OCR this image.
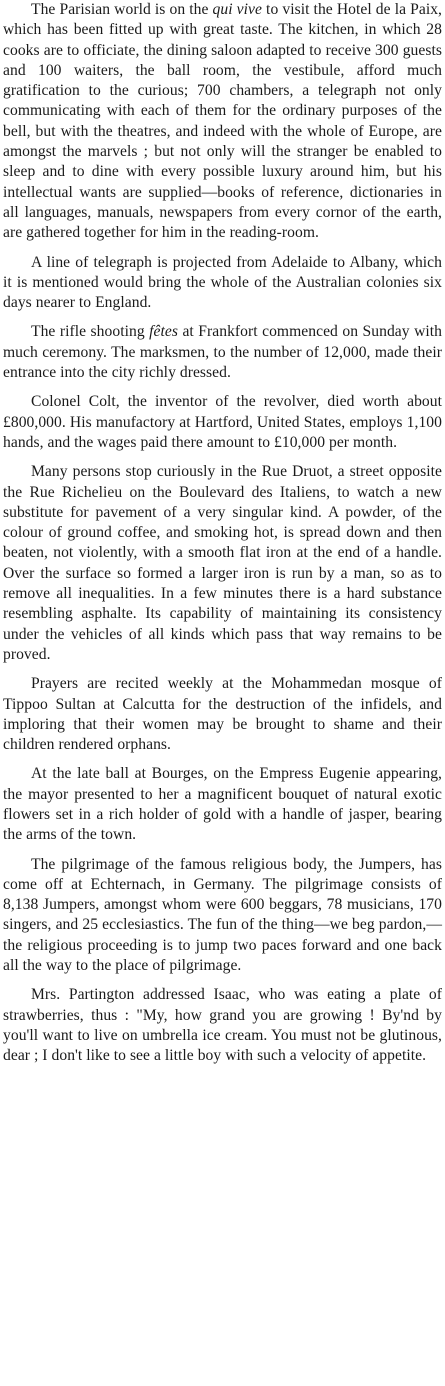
The Parisian world is on the qui vive to visit the Hotel de la Paix, which has been fitted up with great taste. The kitchen, in which 28 cooks are to officiate, the dining saloon adapted to receive 300 guests and 100 waiters, the ball room, the vestibule, afford much gratification to the curious; 700 chambers, a telegraph not only communicating with each of them for the ordinary purposes of the bell, but with the theatres, and indeed with the whole of Europe, are amongst the marvels ; but not only will the stranger be enabled to sleep and to dine with every possible luxury around him, but his intellectual wants are supplied—books of reference, dictionaries in all languages, manuals, newspapers from every cornor of the earth, are gathered together for him in the reading-room.

A line of telegraph is projected from Adelaide to Albany, which it is mentioned would bring the whole of the Australian colonies six days nearer to England.

The rifle shooting fêtes at Frankfort commenced on Sunday with much ceremony. The marksmen, to the number of 12,000, made their entrance into the city richly dressed.

Colonel Colt, the inventor of the revolver, died worth about £800,000. His manufactory at Hartford, United States, employs 1,100 hands, and the wages paid there amount to £10,000 per month.

Many persons stop curiously in the Rue Druot, a street opposite the Rue Richelieu on the Boulevard des Italiens, to watch a new substitute for pavement of a very singular kind. A powder, of the colour of ground coffee, and smoking hot, is spread down and then beaten, not violently, with a smooth flat iron at the end of a handle. Over the surface so formed a larger iron is run by a man, so as to remove all inequalities. In a few minutes there is a hard substance resembling asphalte. Its capability of maintaining its consistency under the vehicles of all kinds which pass that way remains to be proved.

Prayers are recited weekly at the Mohammedan mosque of Tippoo Sultan at Calcutta for the destruction of the infidels, and imploring that their women may be brought to shame and their children rendered orphans.

At the late ball at Bourges, on the Empress Eugenie appearing, the mayor presented to her a magnificent bouquet of natural exotic flowers set in a rich holder of gold with a handle of jasper, bearing the arms of the town.

The pilgrimage of the famous religious body, the Jumpers, has come off at Echternach, in Germany. The pilgrimage consists of 8,138 Jumpers, amongst whom were 600 beggars, 78 musicians, 170 singers, and 25 ecclesiastics. The fun of the thing—we beg pardon,—the religious proceeding is to jump two paces forward and one back all the way to the place of pilgrimage.

Mrs. Partington addressed Isaac, who was eating a plate of strawberries, thus : "My, how grand you are growing ! By'nd by you'll want to live on umbrella ice cream. You must not be glutinous, dear ; I don't like to see a little boy with such a velocity of appetite.
